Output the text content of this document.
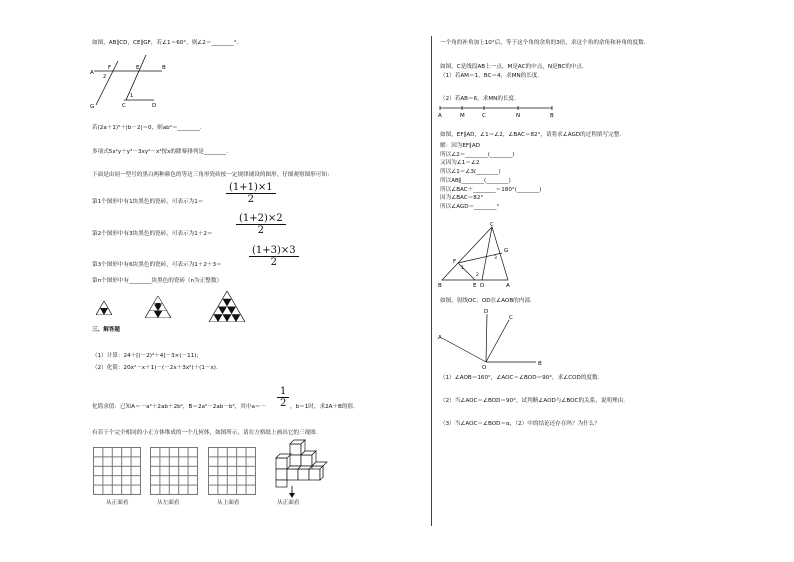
如图，AB∥CD，CE∥GF，若∠1＝60°，则∠2＝________°.
A
B
C	D
E
F
G
1
2
若(2a＋1)²＋|b－2|＝0，则ab²＝________.
多项式5x²y＋y³－3xy²－x³按x的降幂排列是________.
下面是由同一型号的黑白两种颜色的等边三角形瓷砖按一定规律铺设的图形，仔细观察图形可知：
第1个图形中有1块黑色的瓷砖，可表示为$1= \frac{(1+1)\times 1}{2}$
第2个图形中有3块黑色的瓷砖，可表示为$1+2= \frac{(1+2)\times 2}{2}$
第3个图形中有6块黑色的瓷砖，可表示为1＋2＋3＝	$\frac{(1+3)\times 3}{2}$
第n个图形中有________块黑色的瓷砖（n为正整数）
三、解答题
（1）计算：24＋[(－2)³＋4]－3×(－11)；
（2）化简：20x²－x＋1)－(－2x＋3x²)＋(1－x).
化简求值：已知A＝－a²＋2ab＋2b²，B＝2a²－2ab－b²，其中$a=- \frac{1}{2}$ ，b＝1时，求2A＋B的值.
有若干个完全相同的小正方体堆成的一个几何体，如图所示，请在方格纸上画出它的三视图.
从正面看	从左面看	从上面看	从正面看
一个角的补角加上10°后，等于这个角的余角的3倍，求这个角的余角和补角的度数.
如图，C是线段AB上一点，M是AC的中点，N是BC的中点.
（1）若AM＝1，BC＝4，求MN的长度.
（2）若AB＝6，求MN的长度.
A	M	C	N	B
如图，EF∥AD，∠1＝∠2，∠BAC＝82°，请将求∠AGD的过程填写完整.
解：因为EF∥AD
所以∠2＝________(________)
又因为∠1＝∠2
所以∠1＝∠3(________)
所以AB∥________(________)
所以∠BAC＋________＝180°(________)
因为∠BAC＝82°
所以∠AGD＝________°
C
B	A
D
E
F
G
1
2
3
如图，射线OC、OD在∠AOB的内部.
B
A
D
C
O
（1）∠AOB＝160°，∠AOC＝∠BOD＝90°，求∠COD的度数.
（2）当∠AOC＝∠BOD＝90°，试判断∠AOD与∠BOC的关系，说明理由.
（3）当∠AOC＝∠BOD＝α，（2）中的结论还存在吗？为什么？
